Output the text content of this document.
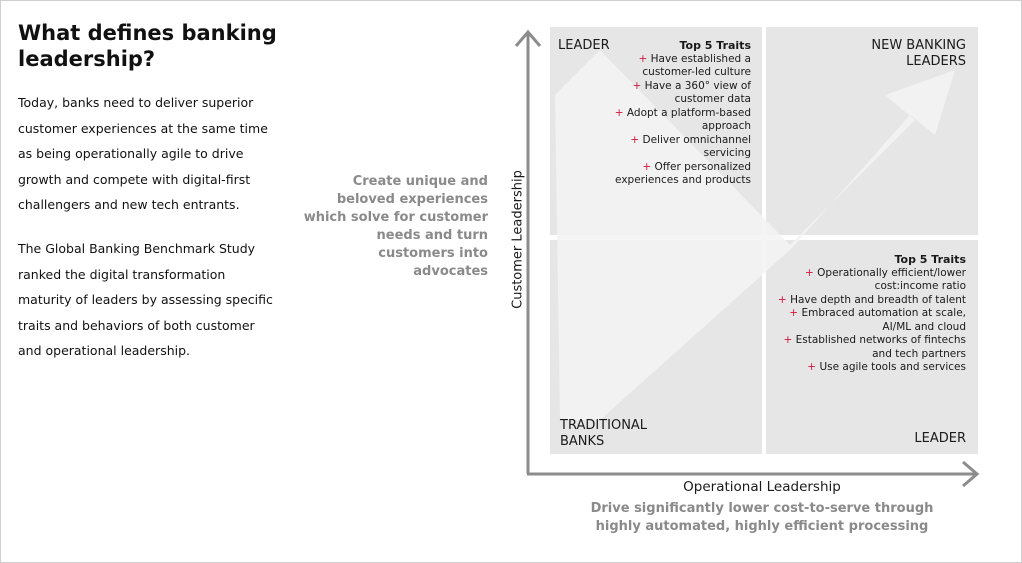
What defines banking leadership?
Today, banks need to deliver superior customer experiences at the same time as being operationally agile to drive growth and compete with digital-first challengers and new tech entrants.
The Global Banking Benchmark Study ranked the digital transformation maturity of leaders by assessing specific traits and behaviors of both customer and operational leadership.
Create unique and beloved experiences which solve for customer needs and turn customers into advocates
LEADER	NEW BANKING LEADERS
TRADITIONAL BANKS	LEADER
Top 5 Traits
+ Have established a customer-led culture
+ Have a 360° view of customer data
+ Adopt a platform-based approach
+ Deliver omnichannel servicing
+ Offer personalized experiences and products
Top 5 Traits
+ Operationally efficient/lower cost:income ratio
+ Have depth and breadth of talent
+ Embraced automation at scale, AI/ML and cloud
+ Established networks of fintechs and tech partners
+ Use agile tools and services
Customer Leadership
Operational Leadership
Drive significantly lower cost-to-serve through highly automated, highly efficient processing
